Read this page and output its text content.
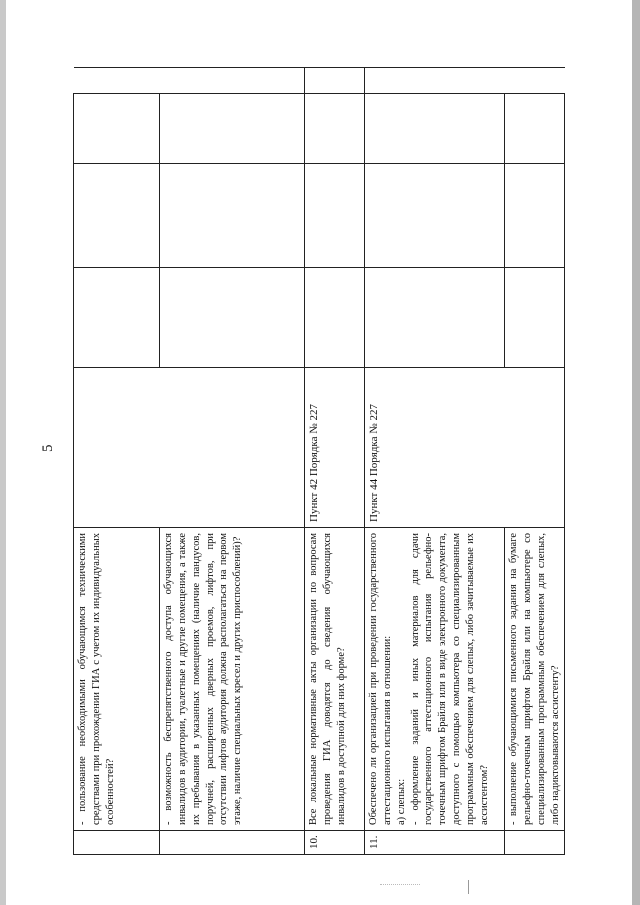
5
	- пользование необходимыми обучающимся техническими средствами при прохождении ГИА с учетом их индивидуальных особенностей?					
	- возможность беспрепятственного доступа обучающихся инвалидов в аудитории, туалетные и другие помещения, а также их пребывания в указанных помещениях (наличие пандусов, поручней, расширенных дверных проемов, лифтов, при отсутствии лифтов аудитория должна располагаться на первом этаже, наличие специальных кресел и других приспособлений)?					
10.	Все локальные нормативные акты организации по вопросам проведения ГИА доводятся до сведения обучающихся инвалидов в доступной для них форме?	Пункт 42 Порядка № 227				
11.	Обеспечено ли организацией при проведении государственного аттестационного испытания в отношении: а) слепых: - оформление заданий и иных материалов для сдачи государственного аттестационного испытания рельефно-точечным шрифтом Брайля или в виде электронного документа, доступного с помощью компьютера со специализированным программным обеспечением для слепых, либо зачитываемые их ассистентом?	Пункт 44 Порядка № 227				
	- выполнение обучающимися письменного задания на бумаге рельефно-точечным шрифтом Брайля или на компьютере со специализированным программным обеспечением для слепых, либо надиктовываются ассистенту?					
